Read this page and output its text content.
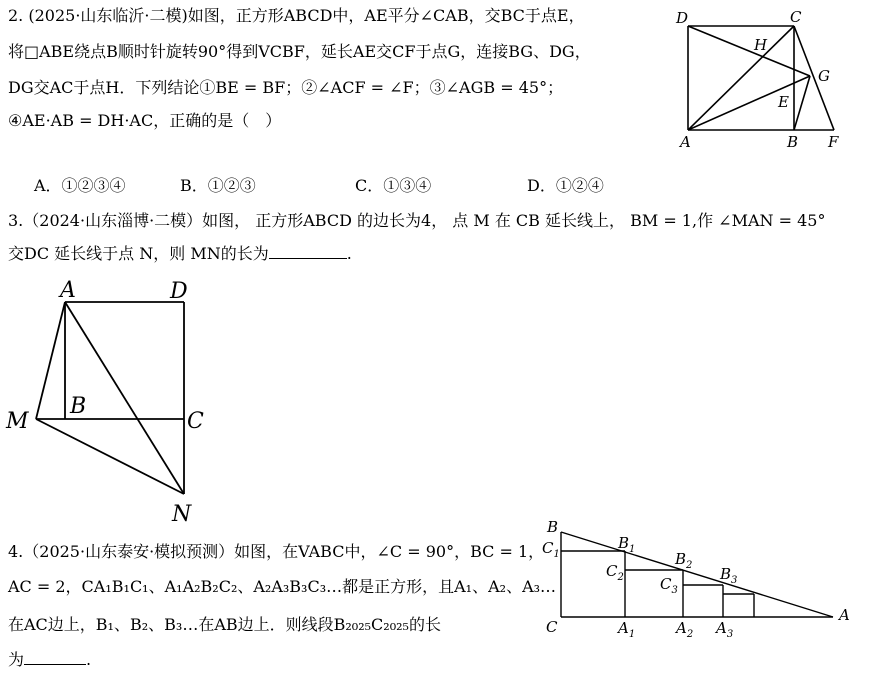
2. (2025·山东临沂·二模)如图，正方形ABCD中，AE平分∠CAB，交BC于点E，
将□ABE绕点B顺时针旋转90°得到VCBF，延长AE交CF于点G，连接BG、DG，
DG交AC于点H．下列结论①BE = BF；②∠ACF = ∠F；③∠AGB = 45°；
④AE·AB = DH·AC，正确的是（　）
A．①②③④	B．①②③	C．①③④	D．①②④
D	C
H
G
E
A	B F
3.（2024·山东淄博·二模）如图， 正方形ABCD 的边长为4， 点 M 在 CB 延长线上， BM = 1,作 ∠MAN = 45°
交DC 延长线于点 N，则 MN的长为	.
A	D
B
M	C
N
4.（2025·山东泰安·模拟预测）如图，在VABC中，∠C = 90°，BC = 1，
AC = 2，CA₁B₁C₁、A₁A₂B₂C₂、A₂A₃B₃C₃…都是正方形，且A₁、A₂、A₃…
在AC边上，B₁、B₂、B₃…在AB边上．则线段B₂₀₂₅C₂₀₂₅的长
为	.
B
$C_1$
$B_1$
$B_2$
$C_2$ $C_3$
$B_3$
C	$A_1$	$A_2$ $A_3$
A
